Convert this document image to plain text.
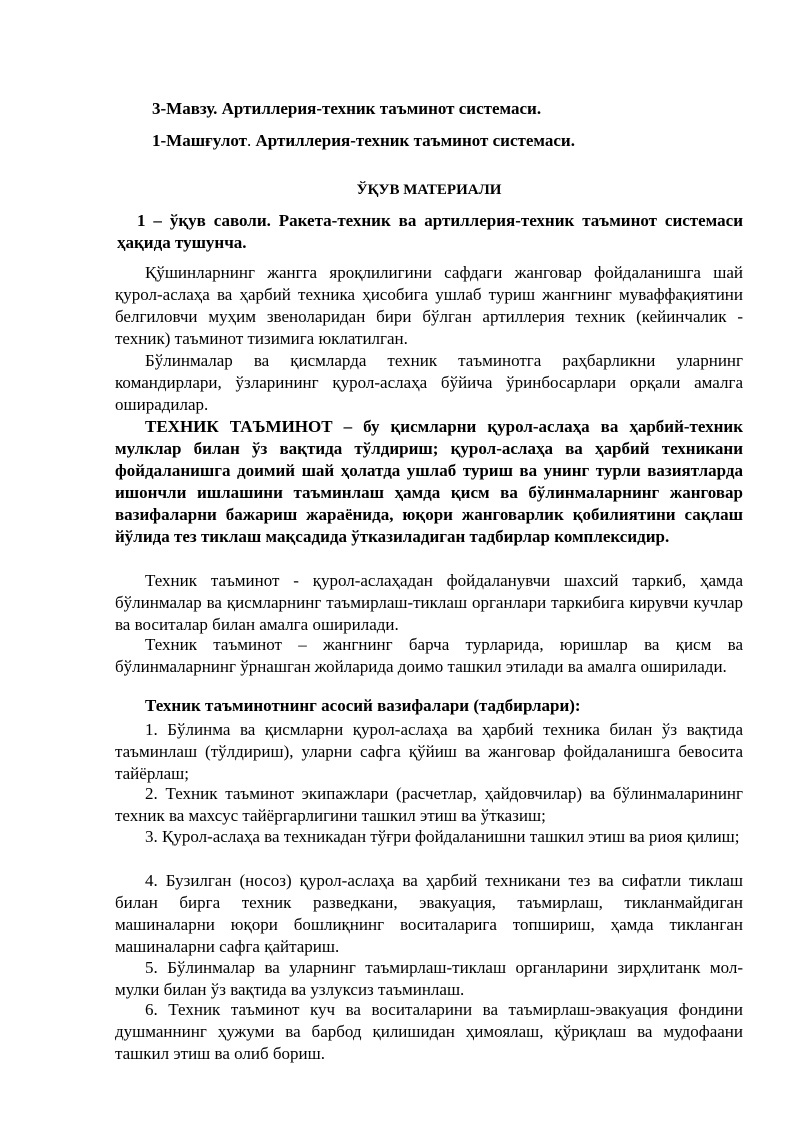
3-Мавзу. Артиллерия-техник таъминот системаси.

1-Машғулот. Артиллерия-техник таъминот системаси.

ЎҚУВ МАТЕРИАЛИ

1 – ўқув саволи. Ракета-техник ва артиллерия-техник таъминот системаси ҳақида тушунча.

Қўшинларнинг жангга яроқлилигини сафдаги жанговар фойдаланишга шай қурол-аслаҳа ва ҳарбий техника ҳисобига ушлаб туриш жангнинг муваффақиятини белгиловчи муҳим звеноларидан бири бўлган артиллерия техник (кейинчалик - техник) таъминот тизимига юклатилган.

Бўлинмалар ва қисмларда техник таъминотга раҳбарликни уларнинг командирлари, ўзларининг қурол-аслаҳа бўйича ўринбосарлари орқали амалга оширадилар.

ТЕХНИК ТАЪМИНОТ – бу қисмларни қурол-аслаҳа ва ҳарбий-техник мулклар билан ўз вақтида тўлдириш; қурол-аслаҳа ва ҳарбий техникани фойдаланишга доимий шай ҳолатда ушлаб туриш ва унинг турли вазиятларда ишончли ишлашини таъминлаш ҳамда қисм ва бўлинмаларнинг жанговар вазифаларни бажариш жараёнида, юқори жанговарлик қобилиятини сақлаш йўлида тез тиклаш мақсадида ўтказиладиган тадбирлар комплексидир.

Техник таъминот - қурол-аслаҳадан фойдаланувчи шахсий таркиб, ҳамда бўлинмалар ва қисмларнинг таъмирлаш-тиклаш органлари таркибига кирувчи кучлар ва воситалар билан амалга оширилади.

Техник таъминот – жангнинг барча турларида, юришлар ва қисм ва бўлинмаларнинг ўрнашган жойларида доимо ташкил этилади ва амалга оширилади.

Техник таъминотнинг асосий вазифалари (тадбирлари):

1. Бўлинма ва қисмларни қурол-аслаҳа ва ҳарбий техника билан ўз вақтида таъминлаш (тўлдириш), уларни сафга қўйиш ва жанговар фойдаланишга бевосита тайёрлаш;

2. Техник таъминот экипажлари (расчетлар, ҳайдовчилар) ва бўлинмаларининг техник ва махсус тайёргарлигини ташкил этиш ва ўтказиш;

3. Қурол-аслаҳа ва техникадан тўғри фойдаланишни ташкил этиш ва риоя қилиш;

4. Бузилган (носоз) қурол-аслаҳа ва ҳарбий техникани тез ва сифатли тиклаш билан бирга техник разведкани, эвакуация, таъмирлаш, тикланмайдиган машиналарни юқори бошлиқнинг воситаларига топшириш, ҳамда тикланган машиналарни сафга қайтариш.

5. Бўлинмалар ва уларнинг таъмирлаш-тиклаш органларини зирҳлитанк мол-мулки билан ўз вақтида ва узлуксиз таъминлаш.

6. Техник таъминот куч ва воситаларини ва таъмирлаш-эвакуация фондини душманнинг ҳужуми ва барбод қилишидан ҳимоялаш, қўриқлаш ва мудофаани ташкил этиш ва олиб бориш.
